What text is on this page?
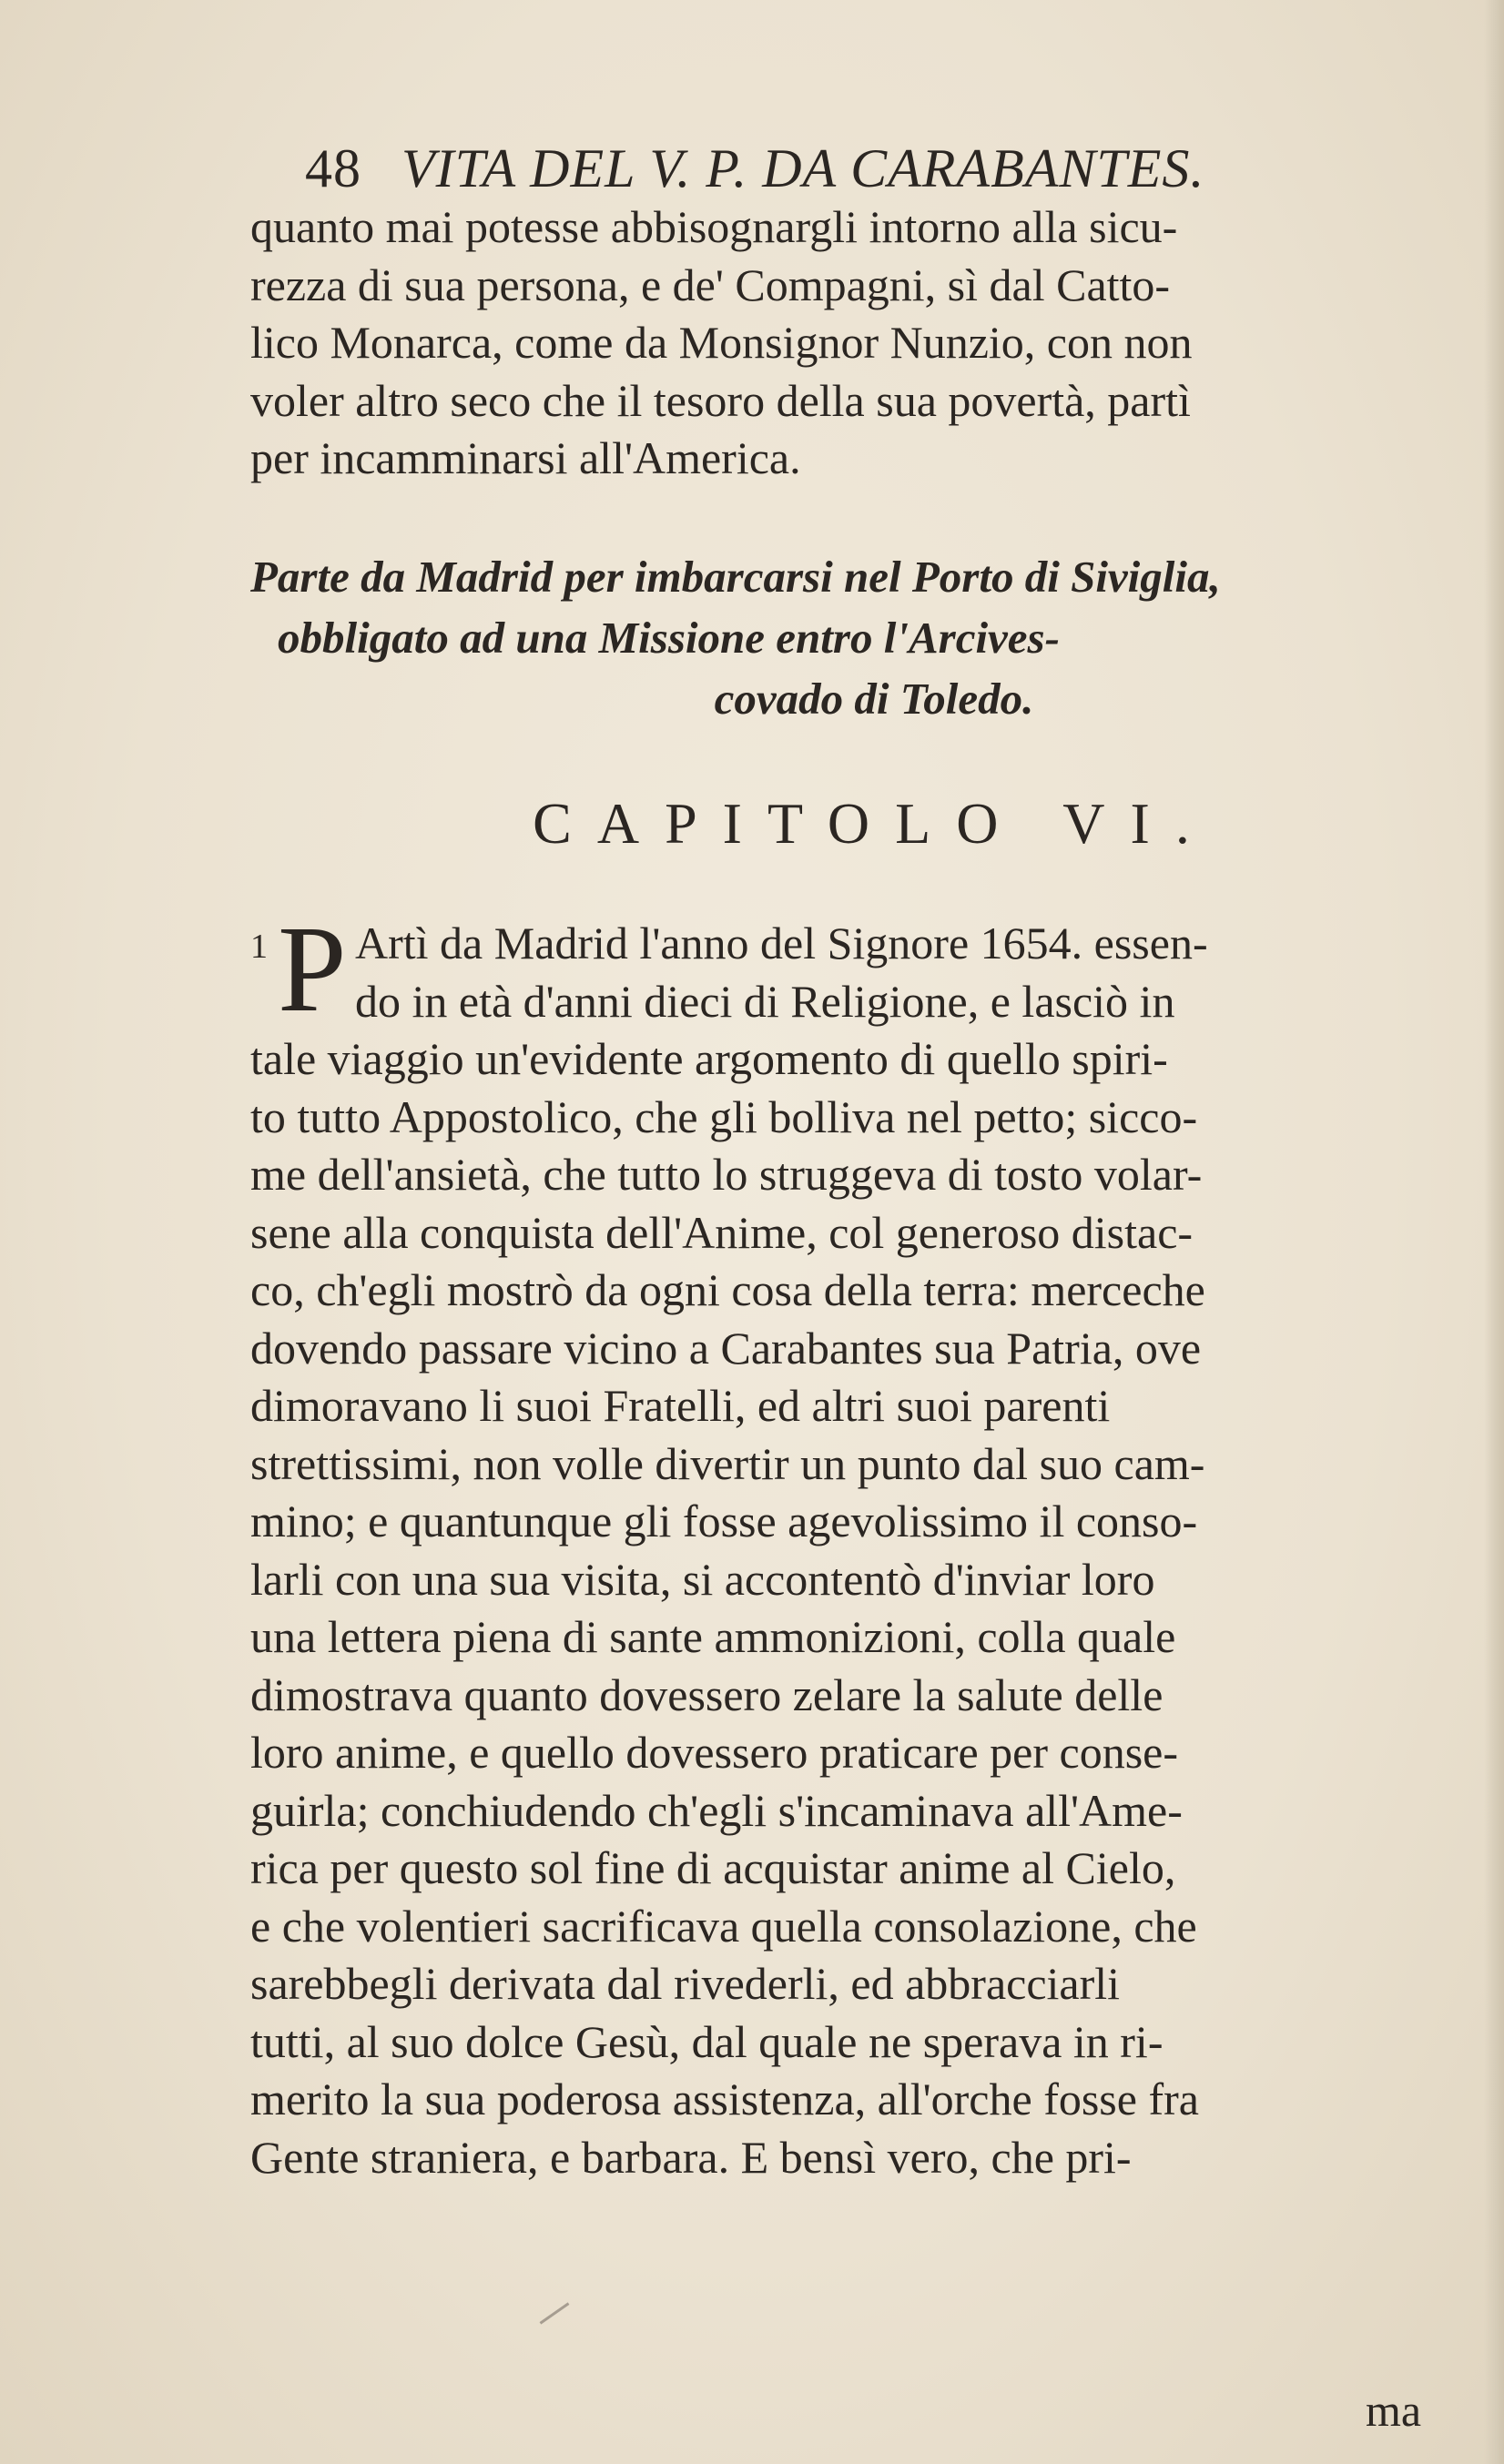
48 VITA DEL V. P. DA CARABANTES.
quanto mai potesse abbisognargli intorno alla sicu-
rezza di sua persona, e de' Compagni, sì dal Catto-
lico Monarca, come da Monsignor Nunzio, con non
voler altro seco che il tesoro della sua povertà, partì
per incamminarsi all'America.
Parte da Madrid per imbarcarsi nel Porto di Siviglia,
obbligato ad una Missione entro l'Arcives-
covado di Toledo.
CAPITOLO VI.
1 P Artì da Madrid l'anno del Signore 1654. essen-
do in età d'anni dieci di Religione, e lasciò in
tale viaggio un'evidente argomento di quello spiri-
to tutto Appostolico, che gli bolliva nel petto; sicco-
me dell'ansietà, che tutto lo struggeva di tosto volar-
sene alla conquista dell'Anime, col generoso distac-
co, ch'egli mostrò da ogni cosa della terra: merceche
dovendo passare vicino a Carabantes sua Patria, ove
dimoravano li suoi Fratelli, ed altri suoi parenti
strettissimi, non volle divertir un punto dal suo cam-
mino; e quantunque gli fosse agevolissimo il conso-
larli con una sua visita, si accontentò d'inviar loro
una lettera piena di sante ammonizioni, colla quale
dimostrava quanto dovessero zelare la salute delle
loro anime, e quello dovessero praticare per conse-
guirla; conchiudendo ch'egli s'incaminava all'Ame-
rica per questo sol fine di acquistar anime al Cielo,
e che volentieri sacrificava quella consolazione, che
sarebbegli derivata dal rivederli, ed abbracciarli
tutti, al suo dolce Gesù, dal quale ne sperava in ri-
merito la sua poderosa assistenza, all'orche fosse fra
Gente straniera, e barbara. E bensì vero, che pri-
ma
